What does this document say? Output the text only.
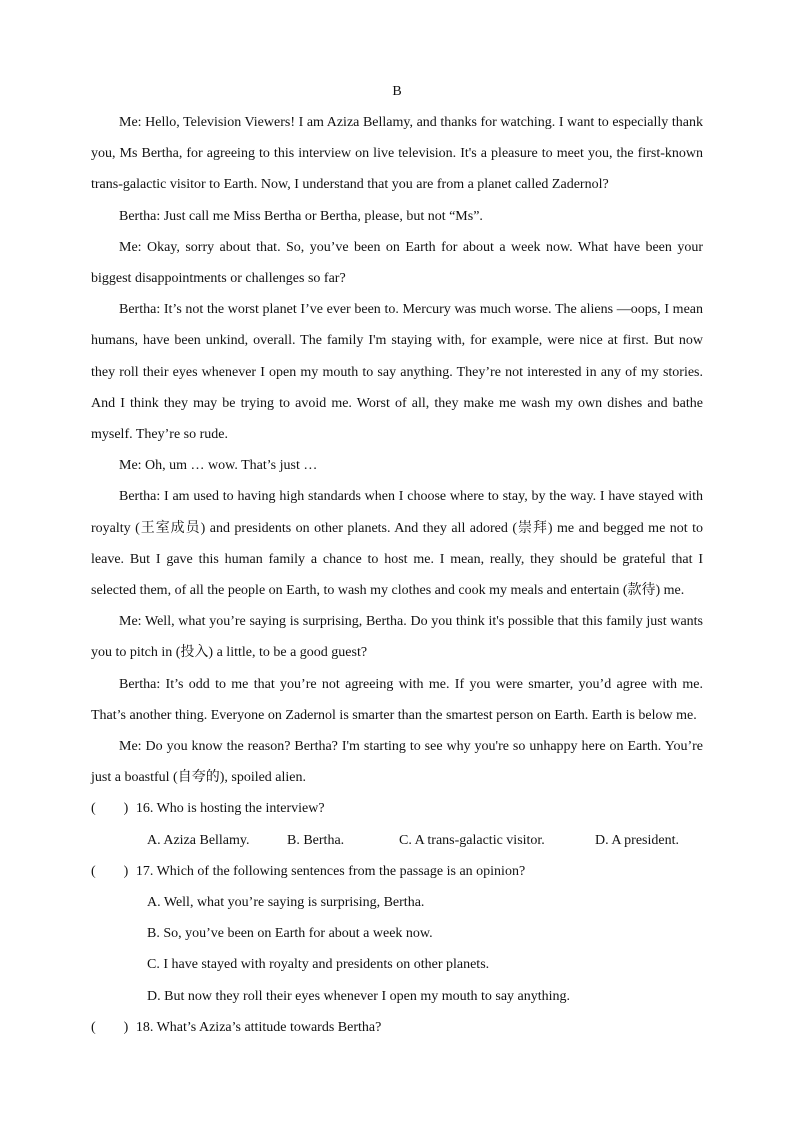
B

Me: Hello, Television Viewers! I am Aziza Bellamy, and thanks for watching. I want to especially thank you, Ms Bertha, for agreeing to this interview on live television. It's a pleasure to meet you, the first-known trans-galactic visitor to Earth. Now, I understand that you are from a planet called Zadernol?

Bertha: Just call me Miss Bertha or Bertha, please, but not “Ms”.

Me: Okay, sorry about that. So, you’ve been on Earth for about a week now. What have been your biggest disappointments or challenges so far?

Bertha: It’s not the worst planet I’ve ever been to. Mercury was much worse. The aliens —oops, I mean humans, have been unkind, overall. The family I'm staying with, for example, were nice at first. But now they roll their eyes whenever I open my mouth to say anything. They’re not interested in any of my stories. And I think they may be trying to avoid me. Worst of all, they make me wash my own dishes and bathe myself. They’re so rude.

Me: Oh, um … wow. That’s just …

Bertha: I am used to having high standards when I choose where to stay, by the way. I have stayed with royalty (王室成员) and presidents on other planets. And they all adored (崇拜) me and begged me not to leave. But I gave this human family a chance to host me. I mean, really, they should be grateful that I selected them, of all the people on Earth, to wash my clothes and cook my meals and entertain (款待) me.

Me: Well, what you’re saying is surprising, Bertha. Do you think it's possible that this family just wants you to pitch in (投入) a little, to be a good guest?

Bertha: It’s odd to me that you’re not agreeing with me. If you were smarter, you’d agree with me. That’s another thing. Everyone on Zadernol is smarter than the smartest person on Earth. Earth is below me.

Me: Do you know the reason? Bertha? I'm starting to see why you're so unhappy here on Earth. You’re just a boastful (自夸的), spoiled alien.

( ) 16. Who is hosting the interview?

A. Aziza Bellamy.	B. Bertha.	C. A trans-galactic visitor.	D. A president.

( ) 17. Which of the following sentences from the passage is an opinion?

A. Well, what you’re saying is surprising, Bertha.

B. So, you’ve been on Earth for about a week now.

C. I have stayed with royalty and presidents on other planets.

D. But now they roll their eyes whenever I open my mouth to say anything.

( ) 18. What’s Aziza’s attitude towards Bertha?
